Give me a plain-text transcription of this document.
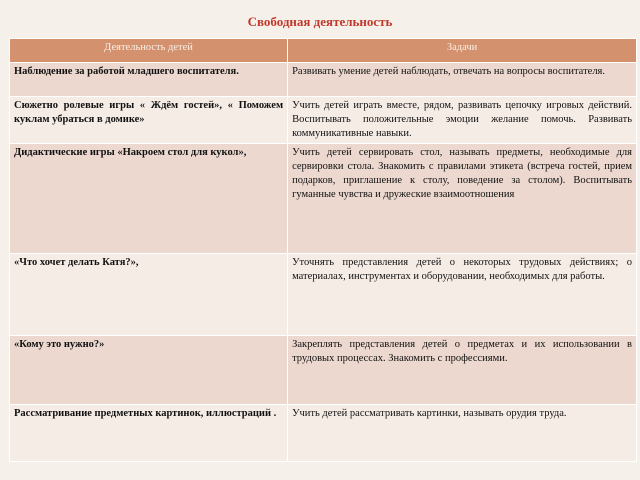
Свободная деятельность
Деятельность детей	Задачи
Наблюдение за работой младшего воспитателя.	Развивать умение детей наблюдать, отвечать на вопросы воспитателя.
Сюжетно ролевые игры « Ждём гостей», « Поможем куклам убраться в домике»	Учить детей играть вместе, рядом, развивать цепочку игровых действий. Воспитывать положительные эмоции желание помочь. Развивать коммуникативные навыки.
Дидактические игры «Накроем стол для кукол»,	Учить детей сервировать стол, называть предметы, необходимые для сервировки стола. Знакомить с правилами этикета (встреча гостей, прием подарков, приглашение к столу, поведение за столом). Воспитывать гуманные чувства и дружеские взаимоотношения
«Что хочет делать Катя?»,	Уточнять представления детей о некоторых трудовых действиях; о материалах, инструментах и оборудовании, необходимых для работы.
«Кому это нужно?»	Закреплять представления детей о предметах и их использовании в трудовых процессах. Знакомить с профессиями.
Рассматривание предметных картинок, иллюстраций .	Учить детей рассматривать картинки, называть орудия труда.
